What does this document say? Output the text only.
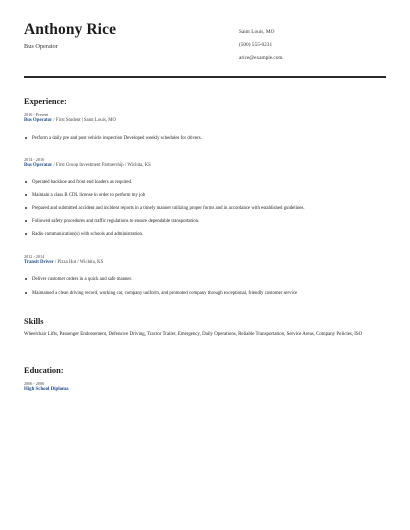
Anthony Rice
Bus Operator
Saint Louis, MO
(500) 555-0231
arice@example.com
Experience:
2016 - Present
Bus Operator / First Student | Saint Louis, MO
Perform a daily pre and post vehicle inspection Developed weekly schedules for drivers.
2014 - 2016
Bus Operator / First Group Investment Partnership / Wichita, KS
Operated backhoe and front end loaders as required.
Maintain a class B CDL license in order to perform my job
Prepared and submitted accident and incident reports in a timely manner utilizing proper forms and in accordance with established guidelines.
Followed safety procedures and traffic regulations to ensure dependable transportation.
Radio communication(s) with schools and administration.
2012 - 2014
Transit Driver / Pizza Hut / Wichita, KS
Deliver customer orders in a quick and safe manner.
Maintained a clean driving record, working car, company uniform, and promoted company through exceptional, friendly customer service
Skills
Wheelchair Lifts, Passenger Endorsement, Defensive Driving, Tractor Trailer, Emergency, Daily Operations, Reliable Transportation, Service Areas, Company Policies, ISO
Education:
2006 - 2006
High School Diploma
